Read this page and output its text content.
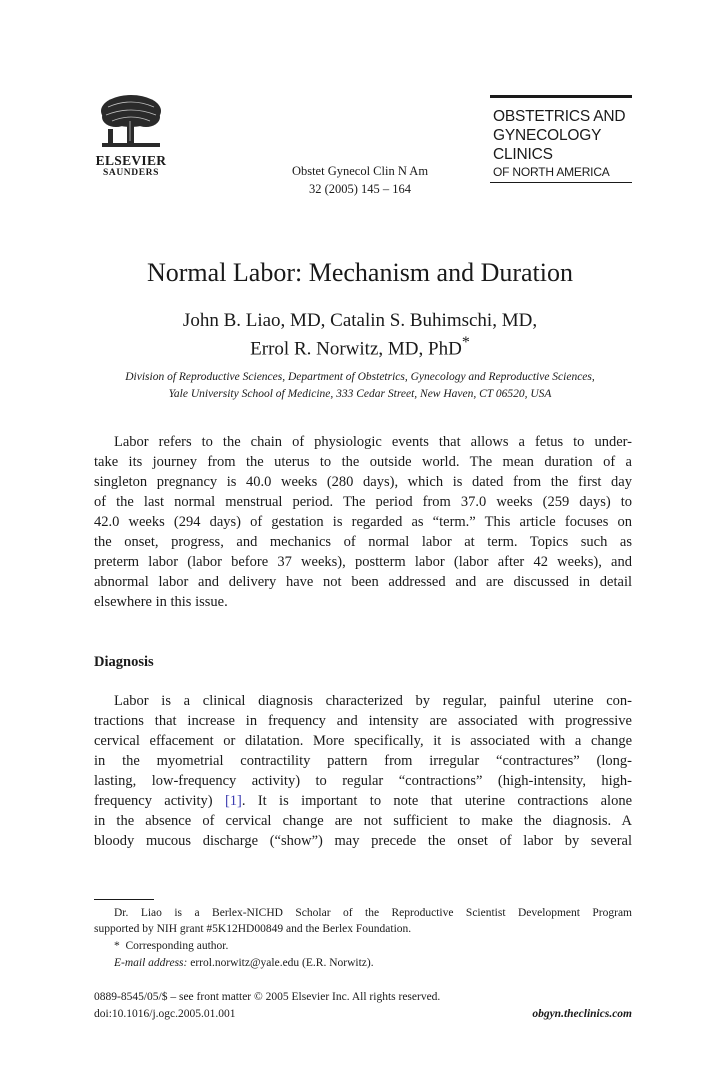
ELSEVIER
SAUNDERS	Obstet Gynecol Clin N Am
32 (2005) 145 – 164
OBSTETRICS AND
GYNECOLOGY
CLINICS
OF NORTH AMERICA
Normal Labor: Mechanism and Duration
John B. Liao, MD, Catalin S. Buhimschi, MD,
Errol R. Norwitz, MD, PhD*
Division of Reproductive Sciences, Department of Obstetrics, Gynecology and Reproductive Sciences,
Yale University School of Medicine, 333 Cedar Street, New Haven, CT 06520, USA
Labor refers to the chain of physiologic events that allows a fetus to under-
take its journey from the uterus to the outside world. The mean duration of a
singleton pregnancy is 40.0 weeks (280 days), which is dated from the first day
of the last normal menstrual period. The period from 37.0 weeks (259 days) to
42.0 weeks (294 days) of gestation is regarded as “term.” This article focuses on
the onset, progress, and mechanics of normal labor at term. Topics such as
preterm labor (labor before 37 weeks), postterm labor (labor after 42 weeks), and
abnormal labor and delivery have not been addressed and are discussed in detail
elsewhere in this issue.
Diagnosis
Labor is a clinical diagnosis characterized by regular, painful uterine con-
tractions that increase in frequency and intensity are associated with progressive
cervical effacement or dilatation. More specifically, it is associated with a change
in the myometrial contractility pattern from irregular “contractures” (long-
lasting, low-frequency activity) to regular “contractions” (high-intensity, high-
frequency activity) [1]. It is important to note that uterine contractions alone
in the absence of cervical change are not sufficient to make the diagnosis. A
bloody mucous discharge (“show”) may precede the onset of labor by several
Dr. Liao is a Berlex-NICHD Scholar of the Reproductive Scientist Development Program
supported by NIH grant #5K12HD00849 and the Berlex Foundation.
* Corresponding author.
E-mail address: errol.norwitz@yale.edu (E.R. Norwitz).
0889-8545/05/$ – see front matter © 2005 Elsevier Inc. All rights reserved.
doi:10.1016/j.ogc.2005.01.001	obgyn.theclinics.com
